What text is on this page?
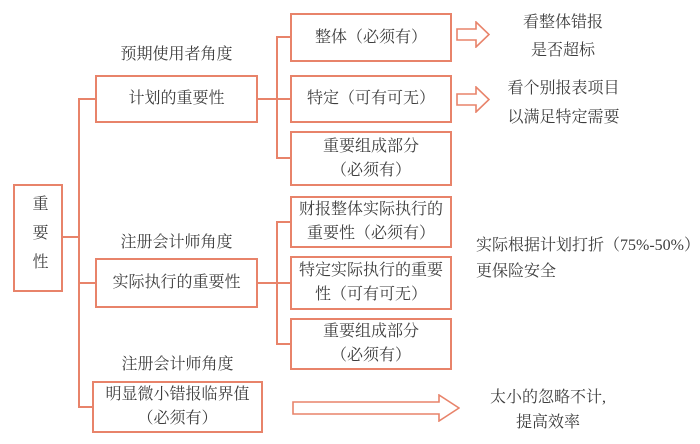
重要性
预期使用者角度
计划的重要性
整体（必须有）
特定（可有可无）
重要组成部分
（必须有）
看整体错报
是否超标
看个别报表项目
以满足特定需要
注册会计师角度
实际执行的重要性
财报整体实际执行的
重要性（必须有）
特定实际执行的重要
性（可有可无）
重要组成部分
（必须有）
实际根据计划打折（75%-50%）
更保险安全
注册会计师角度
明显微小错报临界值
（必须有）
太小的忽略不计,
提高效率
